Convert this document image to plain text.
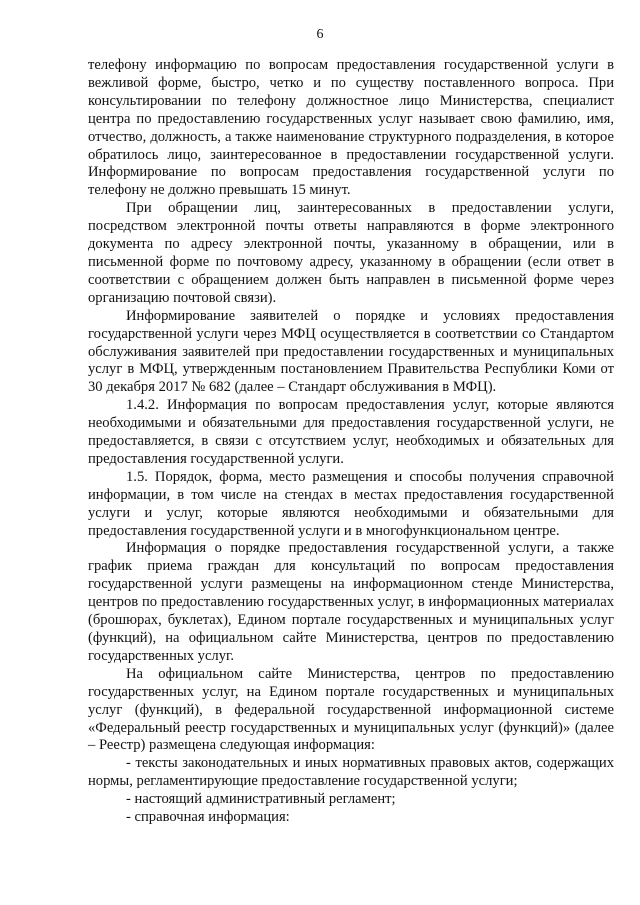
6

телефону информацию по вопросам предоставления государственной услуги в вежливой форме, быстро, четко и по существу поставленного вопроса. При консультировании по телефону должностное лицо Министерства, специалист центра по предоставлению государственных услуг называет свою фамилию, имя, отчество, должность, а также наименование структурного подразделения, в которое обратилось лицо, заинтересованное в предоставлении государственной услуги. Информирование по вопросам предоставления государственной услуги по телефону не должно превышать 15 минут.

При обращении лиц, заинтересованных в предоставлении услуги, посредством электронной почты ответы направляются в форме электронного документа по адресу электронной почты, указанному в обращении, или в письменной форме по почтовому адресу, указанному в обращении (если ответ в соответствии с обращением должен быть направлен в письменной форме через организацию почтовой связи).

Информирование заявителей о порядке и условиях предоставления государственной услуги через МФЦ осуществляется в соответствии со Стандартом обслуживания заявителей при предоставлении государственных и муниципальных услуг в МФЦ, утвержденным постановлением Правительства Республики Коми от 30 декабря 2017 № 682 (далее – Стандарт обслуживания в МФЦ).

1.4.2. Информация по вопросам предоставления услуг, которые являются необходимыми и обязательными для предоставления государственной услуги, не предоставляется, в связи с отсутствием услуг, необходимых и обязательных для предоставления государственной услуги.

1.5. Порядок, форма, место размещения и способы получения справочной информации, в том числе на стендах в местах предоставления государственной услуги и услуг, которые являются необходимыми и обязательными для предоставления государственной услуги и в многофункциональном центре.

Информация о порядке предоставления государственной услуги, а также график приема граждан для консультаций по вопросам предоставления государственной услуги размещены на информационном стенде Министерства, центров по предоставлению государственных услуг, в информационных материалах (брошюрах, буклетах), Едином портале государственных и муниципальных услуг (функций), на официальном сайте Министерства, центров по предоставлению государственных услуг.

На официальном сайте Министерства, центров по предоставлению государственных услуг, на Едином портале государственных и муниципальных услуг (функций), в федеральной государственной информационной системе «Федеральный реестр государственных и муниципальных услуг (функций)» (далее – Реестр) размещена следующая информация:

- тексты законодательных и иных нормативных правовых актов, содержащих нормы, регламентирующие предоставление государственной услуги;

- настоящий административный регламент;

- справочная информация:
